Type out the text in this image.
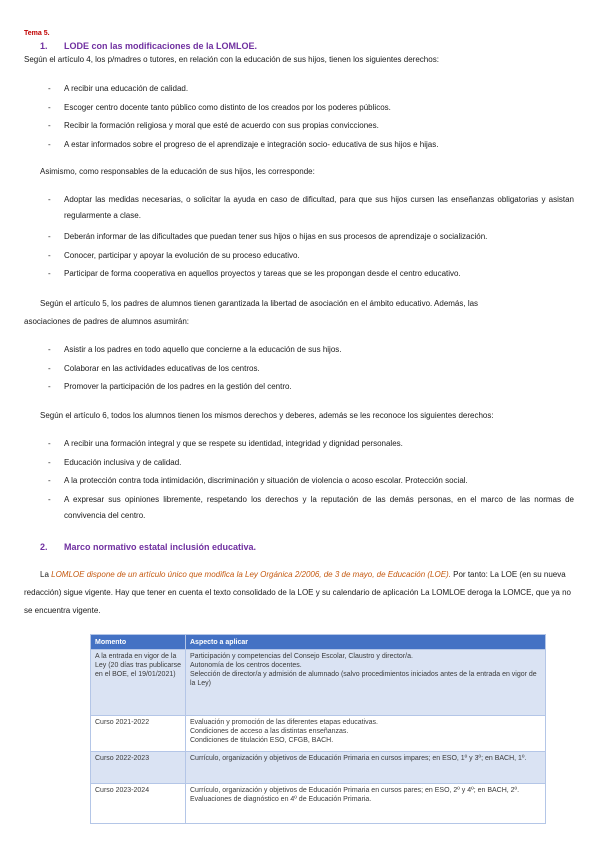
Tema 5.
1. LODE con las modificaciones de la LOMLOE.
Según el artículo 4, los p/madres o tutores, en relación con la educación de sus hijos, tienen los siguientes derechos:
- A recibir una educación de calidad.
- Escoger centro docente tanto público como distinto de los creados por los poderes públicos.
- Recibir la formación religiosa y moral que esté de acuerdo con sus propias convicciones.
- A estar informados sobre el progreso de el aprendizaje e integración socio- educativa de sus hijos e hijas.
Asimismo, como responsables de la educación de sus hijos, les corresponde:
- Adoptar las medidas necesarias, o solicitar la ayuda en caso de dificultad, para que sus hijos cursen las enseñanzas obligatorias y asistan regularmente a clase.
- Deberán informar de las dificultades que puedan tener sus hijos o hijas en sus procesos de aprendizaje o socialización.
- Conocer, participar y apoyar la evolución de su proceso educativo.
- Participar de forma cooperativa en aquellos proyectos y tareas que se les propongan desde el centro educativo.
Según el artículo 5, los padres de alumnos tienen garantizada la libertad de asociación en el ámbito educativo. Además, las
asociaciones de padres de alumnos asumirán:
- Asistir a los padres en todo aquello que concierne a la educación de sus hijos.
- Colaborar en las actividades educativas de los centros.
- Promover la participación de los padres en la gestión del centro.
Según el artículo 6, todos los alumnos tienen los mismos derechos y deberes, además se les reconoce los siguientes derechos:
- A recibir una formación integral y que se respete su identidad, integridad y dignidad personales.
- Educación inclusiva y de calidad.
- A la protección contra toda intimidación, discriminación y situación de violencia o acoso escolar. Protección social.
- A expresar sus opiniones libremente, respetando los derechos y la reputación de las demás personas, en el marco de las normas de convivencia del centro.
2. Marco normativo estatal inclusión educativa.
La LOMLOE dispone de un artículo único que modifica la Ley Orgánica 2/2006, de 3 de mayo, de Educación (LOE). Por tanto: La LOE (en su nueva redacción) sigue vigente. Hay que tener en cuenta el texto consolidado de la LOE y su calendario de aplicación La LOMLOE deroga la LOMCE, que ya no se encuentra vigente.
Momento	Aspecto a aplicar
A la entrada en vigor de la Ley (20 días tras publicarse en el BOE, el 19/01/2021)	Participación y competencias del Consejo Escolar, Claustro y director/a.
Autonomía de los centros docentes.
Selección de director/a y admisión de alumnado (salvo procedimientos iniciados antes de la entrada en vigor de la Ley)

Curso 2021-2022	Evaluación y promoción de las diferentes etapas educativas.
Condiciones de acceso a las distintas enseñanzas.
Condiciones de titulación ESO, CFGB, BACH.

Curso 2022-2023	Currículo, organización y objetivos de Educación Primaria en cursos impares; en ESO, 1º y 3º; en BACH, 1º.

Curso 2023-2024	Currículo, organización y objetivos de Educación Primaria en cursos pares; en ESO, 2º y 4º; en BACH, 2º.
Evaluaciones de diagnóstico en 4º de Educación Primaria.
